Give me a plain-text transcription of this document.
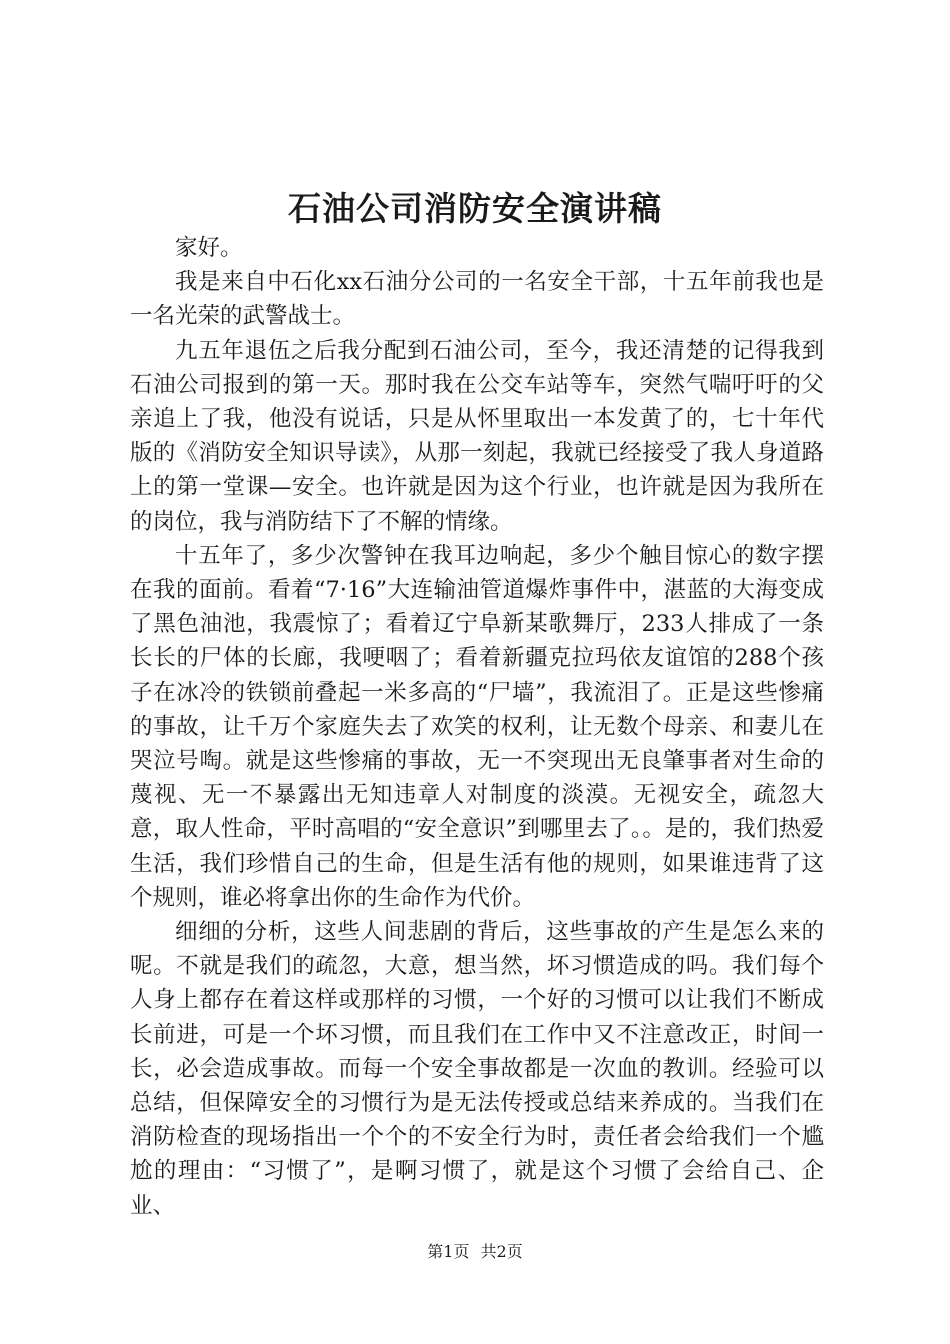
石油公司消防安全演讲稿

家好。

我是来自中石化xx石油分公司的一名安全干部，十五年前我也是一名光荣的武警战士。

九五年退伍之后我分配到石油公司，至今，我还清楚的记得我到石油公司报到的第一天。那时我在公交车站等车，突然气喘吁吁的父亲追上了我，他没有说话，只是从怀里取出一本发黄了的，七十年代版的《消防安全知识导读》，从那一刻起，我就已经接受了我人身道路上的第一堂课—安全。也许就是因为这个行业，也许就是因为我所在的岗位，我与消防结下了不解的情缘。

十五年了，多少次警钟在我耳边响起，多少个触目惊心的数字摆在我的面前。看着“7·16”大连输油管道爆炸事件中，湛蓝的大海变成了黑色油池，我震惊了；看着辽宁阜新某歌舞厅，233人排成了一条长长的尸体的长廊，我哽咽了；看着新疆克拉玛依友谊馆的288个孩子在冰冷的铁锁前叠起一米多高的“尸墙”，我流泪了。正是这些惨痛的事故，让千万个家庭失去了欢笑的权利，让无数个母亲、和妻儿在哭泣号啕。就是这些惨痛的事故，无一不突现出无良肇事者对生命的蔑视、无一不暴露出无知违章人对制度的淡漠。无视安全，疏忽大意，取人性命，平时高唱的“安全意识”到哪里去了。。是的，我们热爱生活，我们珍惜自己的生命，但是生活有他的规则，如果谁违背了这个规则，谁必将拿出你的生命作为代价。

细细的分析，这些人间悲剧的背后，这些事故的产生是怎么来的呢。不就是我们的疏忽，大意，想当然，坏习惯造成的吗。我们每个人身上都存在着这样或那样的习惯，一个好的习惯可以让我们不断成长前进，可是一个坏习惯，而且我们在工作中又不注意改正，时间一长，必会造成事故。而每一个安全事故都是一次血的教训。经验可以总结，但保障安全的习惯行为是无法传授或总结来养成的。当我们在消防检查的现场指出一个个的不安全行为时，责任者会给我们一个尴尬的理由：“习惯了”，是啊习惯了，就是这个习惯了会给自己、企业、

第1页 共2页
